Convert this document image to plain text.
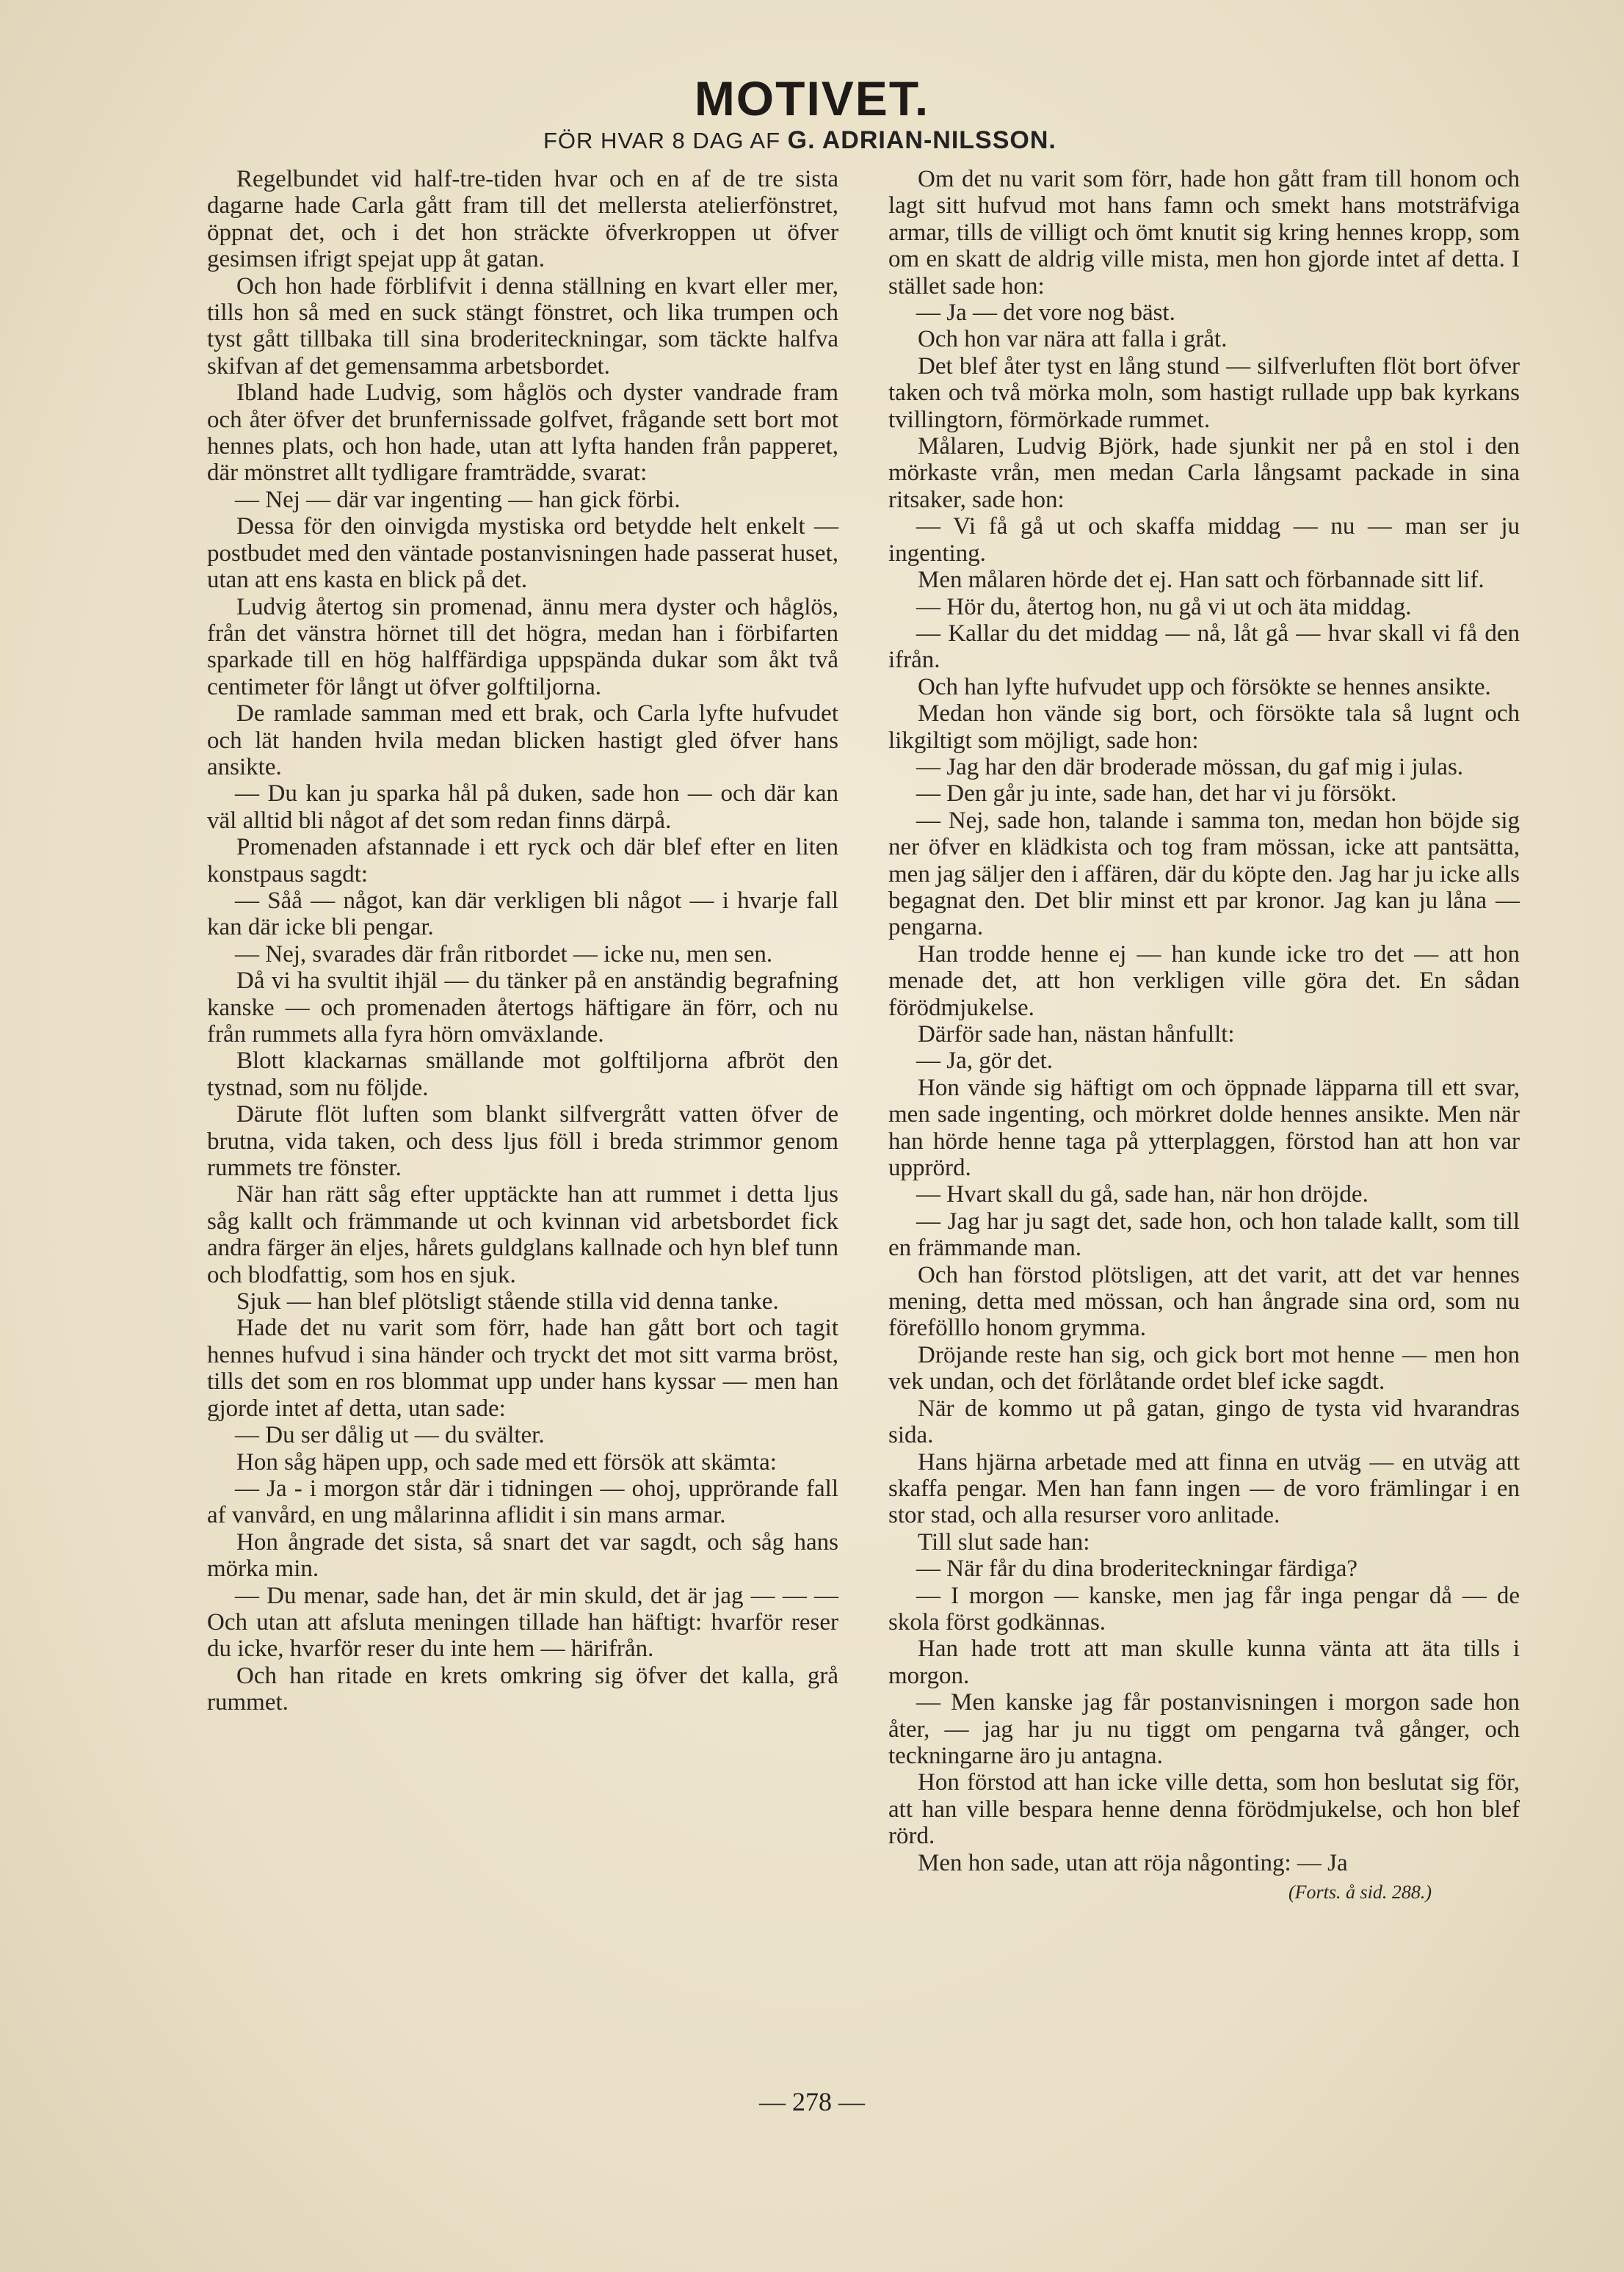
MOTIVET.
FÖR HVAR 8 DAG AF G. ADRIAN-NILSSON.

Regelbundet vid half-tre-tiden hvar och en af de tre sista dagarne hade Carla gått fram till det mellersta atelierfönstret, öppnat det, och i det hon sträckte öfverkroppen ut öfver gesimsen ifrigt spejat upp åt gatan.

Och hon hade förblifvit i denna ställning en kvart eller mer, tills hon så med en suck stängt fönstret, och lika trumpen och tyst gått tillbaka till sina broderiteckningar, som täckte halfva skifvan af det gemensamma arbetsbordet.

Ibland hade Ludvig, som håglös och dyster vandrade fram och åter öfver det brunfernissade golfvet, frågande sett bort mot hennes plats, och hon hade, utan att lyfta handen från papperet, där mönstret allt tydligare framträdde, svarat:

— Nej — där var ingenting — han gick förbi.

Dessa för den oinvigda mystiska ord betydde helt enkelt — postbudet med den väntade postanvisningen hade passerat huset, utan att ens kasta en blick på det.

Ludvig återtog sin promenad, ännu mera dyster och håglös, från det vänstra hörnet till det högra, medan han i förbifarten sparkade till en hög halffärdiga uppspända dukar som åkt två centimeter för långt ut öfver golftiljorna.

De ramlade samman med ett brak, och Carla lyfte hufvudet och lät handen hvila medan blicken hastigt gled öfver hans ansikte.

— Du kan ju sparka hål på duken, sade hon — och där kan väl alltid bli något af det som redan finns därpå.

Promenaden afstannade i ett ryck och där blef efter en liten konstpaus sagdt:

— Såå — något, kan där verkligen bli något — i hvarje fall kan där icke bli pengar.

— Nej, svarades där från ritbordet — icke nu, men sen.

Då vi ha svultit ihjäl — du tänker på en anständig begrafning kanske — och promenaden återtogs häftigare än förr, och nu från rummets alla fyra hörn omväxlande.

Blott klackarnas smällande mot golftiljorna afbröt den tystnad, som nu följde.

Därute flöt luften som blankt silfvergrått vatten öfver de brutna, vida taken, och dess ljus föll i breda strimmor genom rummets tre fönster.

När han rätt såg efter upptäckte han att rummet i detta ljus såg kallt och främmande ut och kvinnan vid arbetsbordet fick andra färger än eljes, hårets guldglans kallnade och hyn blef tunn och blodfattig, som hos en sjuk.

Sjuk — han blef plötsligt stående stilla vid denna tanke.

Hade det nu varit som förr, hade han gått bort och tagit hennes hufvud i sina händer och tryckt det mot sitt varma bröst, tills det som en ros blommat upp under hans kyssar — men han gjorde intet af detta, utan sade:

— Du ser dålig ut — du svälter.

Hon såg häpen upp, och sade med ett försök att skämta:

— Ja - i morgon står där i tidningen — ohoj, upprörande fall af vanvård, en ung målarinna aflidit i sin mans armar.

Hon ångrade det sista, så snart det var sagdt, och såg hans mörka min.

— Du menar, sade han, det är min skuld, det är jag — — — Och utan att afsluta meningen tillade han häftigt: hvarför reser du icke, hvarför reser du inte hem — härifrån.

Och han ritade en krets omkring sig öfver det kalla, grå rummet.

Om det nu varit som förr, hade hon gått fram till honom och lagt sitt hufvud mot hans famn och smekt hans motsträfviga armar, tills de villigt och ömt knutit sig kring hennes kropp, som om en skatt de aldrig ville mista, men hon gjorde intet af detta. I stället sade hon:

— Ja — det vore nog bäst.

Och hon var nära att falla i gråt.

Det blef åter tyst en lång stund — silfverluften flöt bort öfver taken och två mörka moln, som hastigt rullade upp bak kyrkans tvillingtorn, förmörkade rummet.

Målaren, Ludvig Björk, hade sjunkit ner på en stol i den mörkaste vrån, men medan Carla långsamt packade in sina ritsaker, sade hon:

— Vi få gå ut och skaffa middag — nu — man ser ju ingenting.

Men målaren hörde det ej. Han satt och förbannade sitt lif.

— Hör du, återtog hon, nu gå vi ut och äta middag.

— Kallar du det middag — nå, låt gå — hvar skall vi få den ifrån.

Och han lyfte hufvudet upp och försökte se hennes ansikte.

Medan hon vände sig bort, och försökte tala så lugnt och likgiltigt som möjligt, sade hon:

— Jag har den där broderade mössan, du gaf mig i julas.

— Den går ju inte, sade han, det har vi ju försökt.

— Nej, sade hon, talande i samma ton, medan hon böjde sig ner öfver en klädkista och tog fram mössan, icke att pantsätta, men jag säljer den i affären, där du köpte den. Jag har ju icke alls begagnat den. Det blir minst ett par kronor. Jag kan ju låna — pengarna.

Han trodde henne ej — han kunde icke tro det — att hon menade det, att hon verkligen ville göra det. En sådan förödmjukelse.

Därför sade han, nästan hånfullt:

— Ja, gör det.

Hon vände sig häftigt om och öppnade läpparna till ett svar, men sade ingenting, och mörkret dolde hennes ansikte. Men när han hörde henne taga på ytterplaggen, förstod han att hon var upprörd.

— Hvart skall du gå, sade han, när hon dröjde.

— Jag har ju sagt det, sade hon, och hon talade kallt, som till en främmande man.

Och han förstod plötsligen, att det varit, att det var hennes mening, detta med mössan, och han ångrade sina ord, som nu förefölllo honom grymma.

Dröjande reste han sig, och gick bort mot henne — men hon vek undan, och det förlåtande ordet blef icke sagdt.

När de kommo ut på gatan, gingo de tysta vid hvarandras sida.

Hans hjärna arbetade med att finna en utväg — en utväg att skaffa pengar. Men han fann ingen — de voro främlingar i en stor stad, och alla resurser voro anlitade.

Till slut sade han:

— När får du dina broderiteckningar färdiga?

— I morgon — kanske, men jag får inga pengar då — de skola först godkännas.

Han hade trott att man skulle kunna vänta att äta tills i morgon.

— Men kanske jag får postanvisningen i morgon sade hon åter, — jag har ju nu tiggt om pengarna två gånger, och teckningarne äro ju antagna.

Hon förstod att han icke ville detta, som hon beslutat sig för, att han ville bespara henne denna förödmjukelse, och hon blef rörd.

Men hon sade, utan att röja någonting: — Ja

(Forts. å sid. 288.)
— 278 —
